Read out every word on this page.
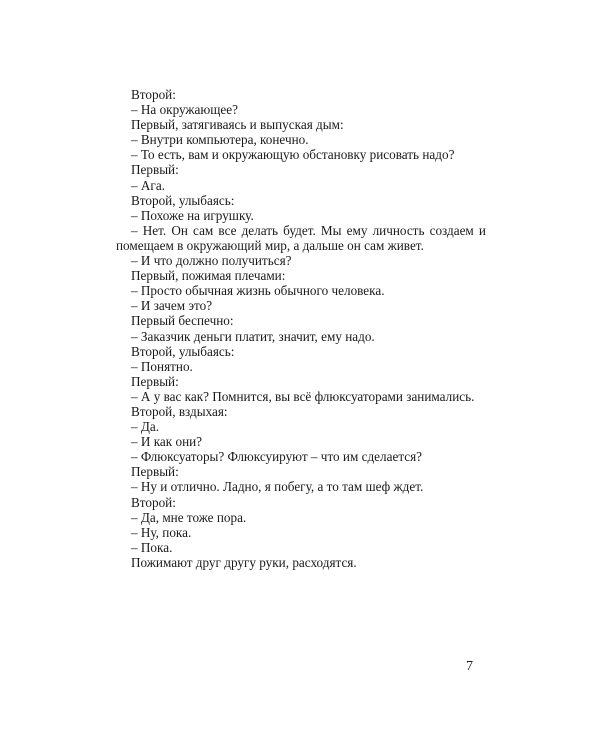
Второй:

– На окружающее?

Первый, затягиваясь и выпуская дым:

– Внутри компьютера, конечно.

– То есть, вам и окружающую обстановку рисовать надо?

Первый:

– Ага.

Второй, улыбаясь:

– Похоже на игрушку.

– Нет. Он сам все делать будет. Мы ему личность создаем и помещаем в окружающий мир, а дальше он сам живет.

– И что должно получиться?

Первый, пожимая плечами:

– Просто обычная жизнь обычного человека.

– И зачем это?

Первый беспечно:

– Заказчик деньги платит, значит, ему надо.

Второй, улыбаясь:

– Понятно.

Первый:

– А у вас как? Помнится, вы всё флюксуаторами занимались.

Второй, вздыхая:

– Да.

– И как они?

– Флюксуаторы? Флюксуируют – что им сделается?

Первый:

– Ну и отлично. Ладно, я побегу, а то там шеф ждет.

Второй:

– Да, мне тоже пора.

– Ну, пока.

– Пока.

Пожимают друг другу руки, расходятся.

7
